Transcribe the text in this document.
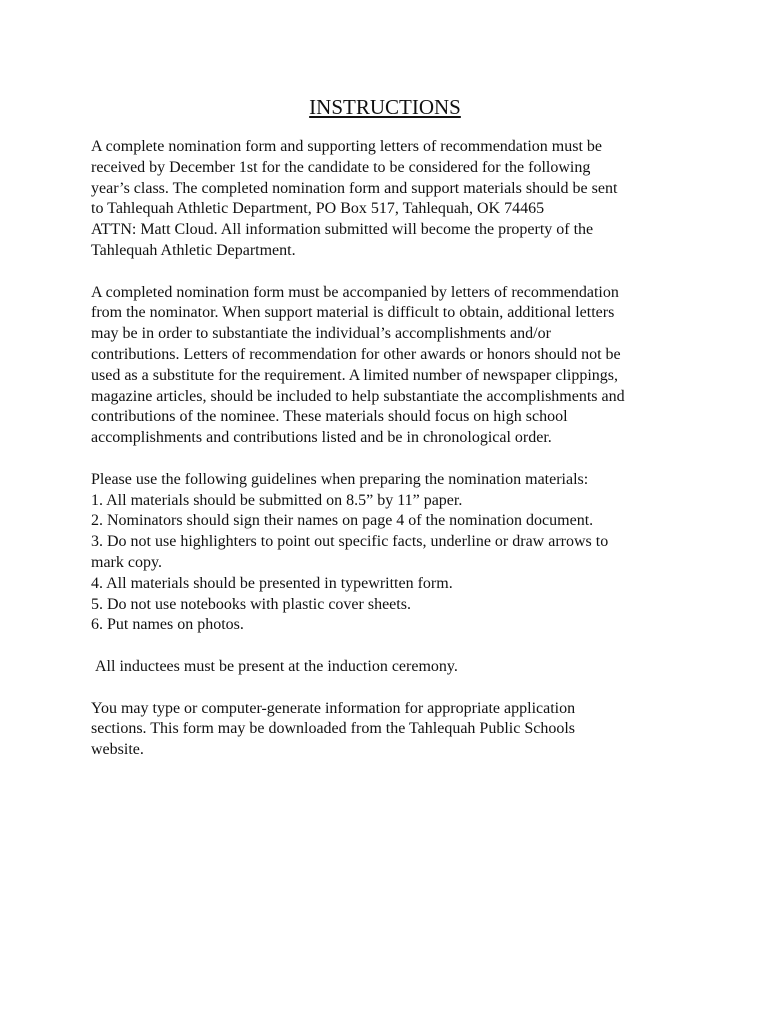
INSTRUCTIONS
A complete nomination form and supporting letters of recommendation must be
received by December 1st for the candidate to be considered for the following
year’s class. The completed nomination form and support materials should be sent
to Tahlequah Athletic Department, PO Box 517, Tahlequah, OK 74465
ATTN: Matt Cloud. All information submitted will become the property of the
Tahlequah Athletic Department.
A completed nomination form must be accompanied by letters of recommendation
from the nominator. When support material is difficult to obtain, additional letters
may be in order to substantiate the individual’s accomplishments and/or
contributions. Letters of recommendation for other awards or honors should not be
used as a substitute for the requirement. A limited number of newspaper clippings,
magazine articles, should be included to help substantiate the accomplishments and
contributions of the nominee. These materials should focus on high school
accomplishments and contributions listed and be in chronological order.
Please use the following guidelines when preparing the nomination materials:
1. All materials should be submitted on 8.5” by 11” paper.
2. Nominators should sign their names on page 4 of the nomination document.
3. Do not use highlighters to point out specific facts, underline or draw arrows to
mark copy.
4. All materials should be presented in typewritten form.
5. Do not use notebooks with plastic cover sheets.
6. Put names on photos.
All inductees must be present at the induction ceremony.
You may type or computer-generate information for appropriate application
sections. This form may be downloaded from the Tahlequah Public Schools
website.
